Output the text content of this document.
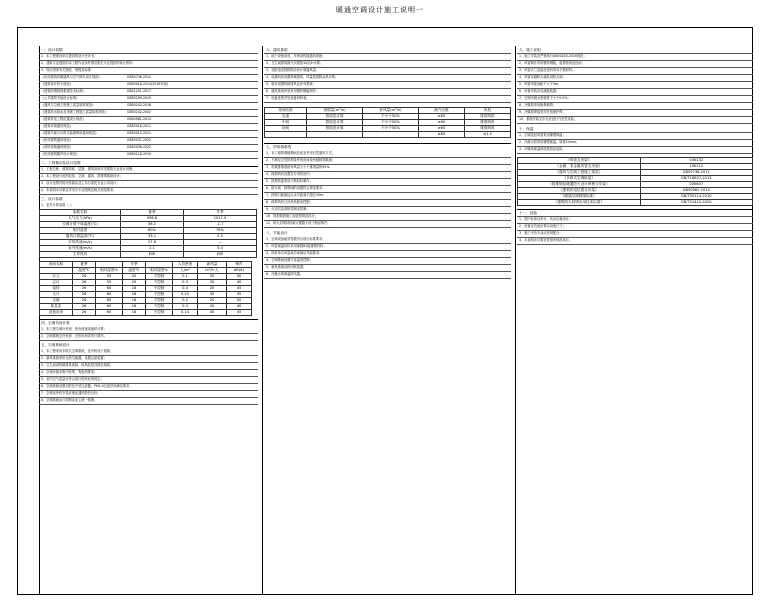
暖通空调设计施工说明一
一、设计依据
1、本工程建设单位提供的设计任务书；
2、建筑专业提供的本工程作业条件图及相关专业提供的设计资料；
3、现行国家有关规范、规程及标准：
《民用建筑供暖通风与空气调节设计规范》	GB50736-2012
《建筑设计防火规范》	GB50016-2014(2018年版)
《建筑防烟排烟系统技术标准》	GB51251-2017
《公共建筑节能设计标准》	GB50189-2015
《通风与空调工程施工质量验收规范》	GB50243-2016
《建筑给水排水及采暖工程施工质量验收规范》	GB50242-2002
《建筑机电工程抗震设计规范》	GB50981-2014
《建筑环境通用规范》	GB55016-2021
《建筑节能与可再生能源利用通用规范》	GB55015-2021
《民用建筑通用规范》	GB55031-2022
《消防设施通用规范》	GB55036-2022
《民用建筑隔声设计规范》	GB50118-2010
二、工程概况及设计范围
1、工程名称、建筑面积、层数、建筑高度详见建筑专业设计说明；
2、本工程设计范围包括：空调、通风、防排烟系统设计；
3、设计范围内的冷热源由业主另行委托专业公司设计；
4、本说明未尽事宜详见各专业图纸及相关规范要求。
三、设计参数
1、室外计算参数（ ）：
参数名称	夏季	冬季
大气压力(hPa)	998.8	1017.9
空调计算干球温度(℃)	36.2	-1.7
相对湿度	60%	76%
通风计算温度(℃)	33.1	5.2
平均风速(m/s)	27.6	—
室外风速(m/s)	2.1	3.4
主导风向	ESE	ESE
房间名称	夏季		冬季		人员密度	新风量	噪声
	温度℃	相对湿度%	温度℃	相对湿度%	人/m²	m³/h·人	dB(A)
办公	26	55	20	不控制	0.1	30	40
会议	26	55	20	不控制	0.3	30	40
接待	26	60	18	不控制	0.4	20	45
大厅	26	60	18	不控制	0.25	30	45
走廊	26	60	18	不控制	0.2	20	50
休息室	26	60	18	不控制	0.4	20	40
设备用房	26	60	18	不控制	0.14	40	45
四、空调负荷计算
1、本工程空调冷负荷、热负荷逐项逐时计算；
2、空调系统总冷负荷、总热负荷详见计算书。
五、空调系统设计
1、本工程采用多联式空调系统，室外机设于屋面；
2、新风系统采用全热交换器，设置过滤装置；
3、卫生间设机械排风系统，排风经竖井排至屋面；
4、空调冷凝水集中收集，有组织排放；
5、室内空气质量应符合现行国家标准规定；
6、空调系统设置初效及中效过滤器，PM2.5过滤效率满足要求；
7、空调室外机安装应保证通风散热良好；
8、空调系统运行控制由业主统一管理。
六、通风系统
1、地下设备用房、车库设机械通风系统；
2、卫生间排风换气次数按10次/h计算；
3、变配电室按排除余热计算通风量；
4、电梯机房设置机械排风，风量按排除余热计算；
5、厨房设置机械排风及补风系统；
6、通风系统风管采用镀锌钢板制作；
7、设备选型详见设备材料表。
房间名称	排烟量(m³/h)	补风量(m³/h)	换气次数	风机
走道	按规范计算	不小于50%	≥60	排烟风机
中庭	按规范计算	不小于50%	≥60	排烟风机
房间	按规范计算	不小于50%	≥60	排烟风机
			≥60	≥1.5
七、防排烟系统
1、本工程防烟楼梯间及前室采用自然通风方式；
2、不满足自然排烟条件的房间设机械排烟系统；
3、机械排烟系统补风量不小于排烟量的50%；
4、排烟风机设置在专用机房内；
5、排烟管道采用不燃材料制作；
6、防火阀、排烟阀的设置符合规范要求；
7、排烟口距最远点水平距离不超过30m；
8、排烟风机与补风机联动控制；
9、火灾时由消防控制室控制；
10、排烟系统施工验收按规范执行；
11、防火封堵材料耐火极限不低于相应构件。
八、节能设计
1、空调设备能效等级符合现行标准要求；
2、风管保温材料采用难燃B1级橡塑材料；
3、风机单位风量耗功率满足节能要求；
4、空调系统设置分室温度控制；
5、新风系统设热回收装置；
6、冷凝水管保温防结露。
九、施工说明
1、施工安装应严格执行GB50243-2016规范；
2、风管制作采用镀锌钢板，板厚按规范选用；
3、风管法兰连接处垫料采用不燃材料；
4、风管穿越防火墙处设防火阀；
5、风管吊架间距不大于3m；
6、设备安装应设减振装置；
7、空调冷凝水管坡度不小于0.5%；
8、冷媒管采用脱氧铜管；
9、冷媒管焊接采用充氮保护焊；
10、系统安装完毕后应进行气密性试验。
十、保温
1、空调送回风管采用橡塑保温；
2、冷凝水管采用橡塑保温，厚度10mm；
3、冷媒管保温厚度按管径选用。
《风管支吊架》	03K132
《金属、非金属风管支吊架》	19K112
《通风与空调工程施工规范》	GB50738-2011
《多联式空调机组》	GB/T18837-2015
《防排烟及暖通防火设计审核与安装》	20K607
《建筑机电抗震支吊架》	GB50981-2014
《暖通空调制图标准》	GB/T50114-2010
《建筑防火封堵应用技术标准》	GB/T51410-2020
十一、其他
1、图中标高以米计，其余以毫米计；
2、设备定货前应核实设备尺寸；
3、施工中各专业应密切配合；
4、本说明未尽事宜按国家规范执行。
